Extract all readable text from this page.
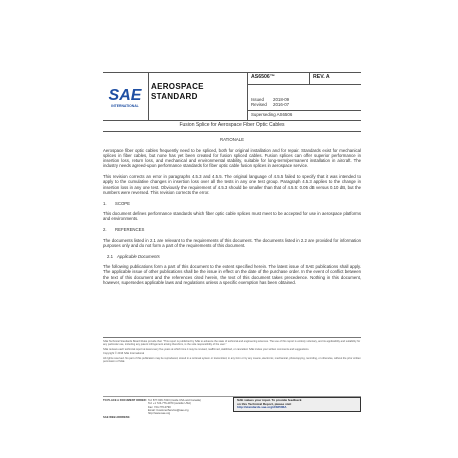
SAE
INTERNATIONAL
AEROSPACE
STANDARD
AS6506™	REV. A
Issued 2018-09
Revised 2016-07
Superseding AS6506
Fusion Splice for Aerospace Fiber Optic Cables
RATIONALE

Aerospace fiber optic cables frequently need to be spliced, both for original installation and for repair. Standards exist for mechanical splices in fiber cables, but none has yet been created for fusion spliced cables. Fusion splices can offer superior performance in insertion loss, return loss, and mechanical and environmental stability, suitable for long-term/permanent installation in aircraft. The industry needs agreed-upon performance standards for fiber optic cable fusion splices in aerospace service.

This revision corrects an error in paragraphs 4.5.3 and 4.5.5. The original language of 4.5.5 failed to specify that it was intended to apply to the cumulative changes in insertion loss over all the tests in any one test group. Paragraph 4.5.3 applies to the change in insertion loss in any one test. Obviously the requirement of 4.5.3 should be smaller than that of 4.5.5: 0.05 dB versus 0.10 dB, but the numbers were reversed. This revision corrects the error.

1. SCOPE

This document defines performance standards which fiber optic cable splices must meet to be accepted for use in aerospace platforms and environments.

2. REFERENCES

The documents listed in 2.1 are relevant to the requirements of this document. The documents listed in 2.2 are provided for information purposes only and do not form a part of the requirements of this document.

2.1 Applicable Documents

The following publications form a part of this document to the extent specified herein. The latest issue of SAE publications shall apply. The applicable issue of other publications shall be the issue in effect on the date of the purchase order. In the event of conflict between the text of this document and the references cited herein, the text of this document takes precedence. Nothing in this document, however, supersedes applicable laws and regulations unless a specific exemption has been obtained.

SAE Technical Standards Board Rules provide that: "This report is published by SAE to advance the state of technical and engineering sciences. The use of this report is entirely voluntary, and its applicability and suitability for any particular use, including any patent infringement arising therefrom, is the sole responsibility of the user."

SAE reviews each technical report at least every five years at which time it may be revised, reaffirmed, stabilized, or cancelled. SAE invites your written comments and suggestions.

Copyright © 2016 SAE International

All rights reserved. No part of this publication may be reproduced, stored in a retrieval system or transmitted, in any form or by any means, electronic, mechanical, photocopying, recording, or otherwise, without the prior written permission of SAE.

TO PLACE A DOCUMENT ORDER: Tel: 877-606-7323 (inside USA and Canada)
Tel: +1 724-776-4970 (outside USA)
Fax: 724-776-0790
Email: CustomerService@sae.org
http://www.sae.org
SAE WEB ADDRESS:
SAE values your input. To provide feedback
on this Technical Report, please visit
http://standards.sae.org/AS6506A
